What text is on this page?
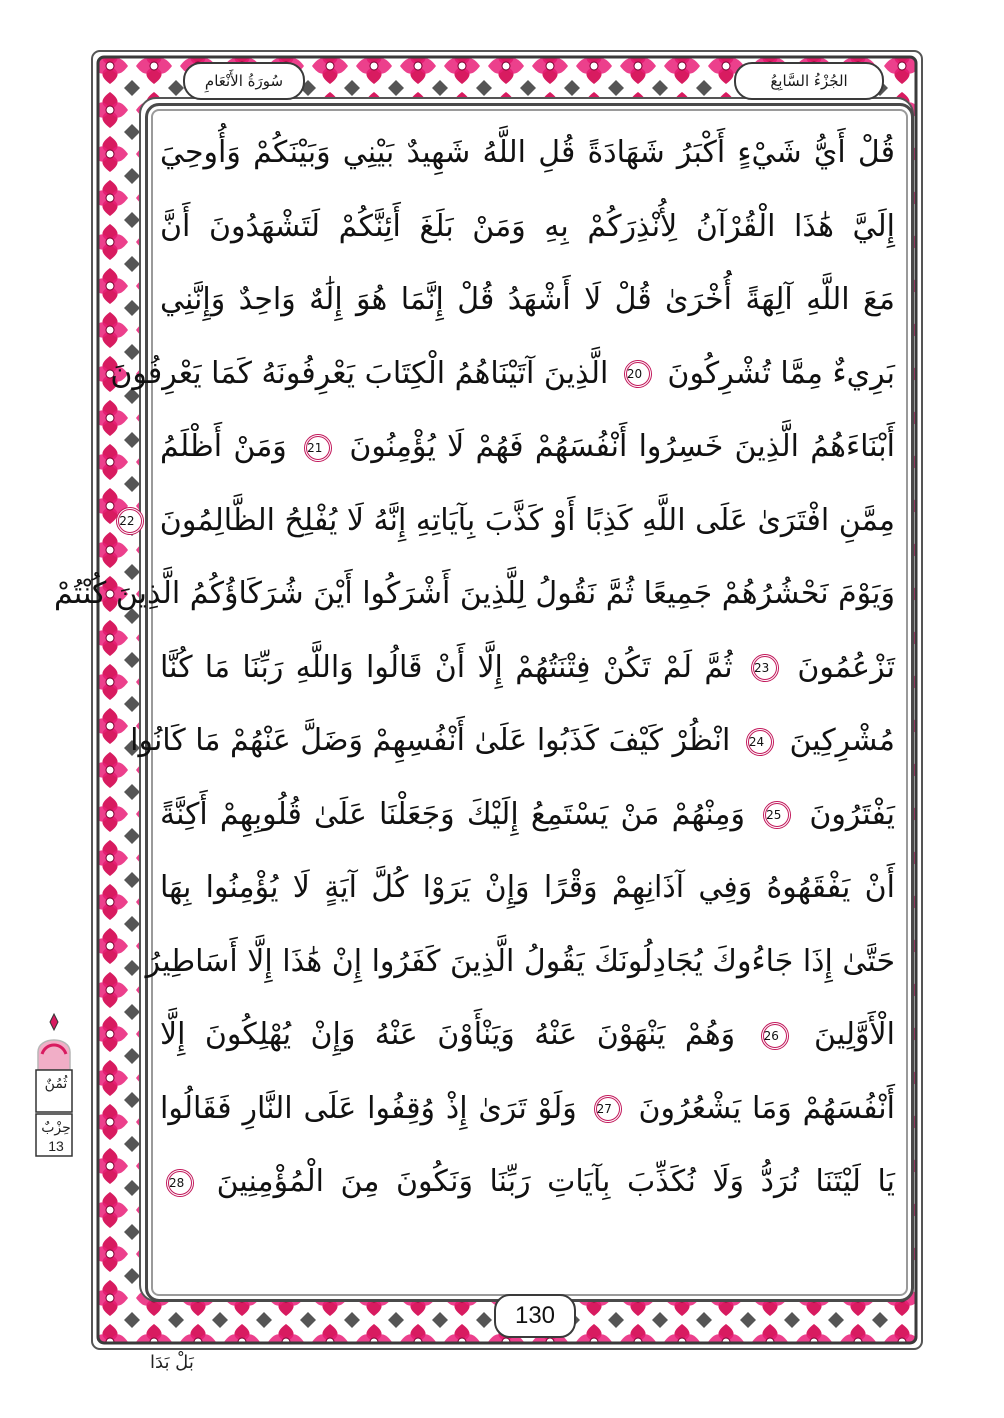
الجُزْءُ السَّابِعُ
سُورَةُ الأَنْعَامِ
قُلْ أَيُّ شَيْءٍ أَكْبَرُ شَهَادَةً قُلِ اللَّهُ شَهِيدٌ بَيْنِي وَبَيْنَكُمْ وَأُوحِيَ
إِلَيَّ هَٰذَا الْقُرْآنُ لِأُنْذِرَكُمْ بِهِ وَمَنْ بَلَغَ أَئِنَّكُمْ لَتَشْهَدُونَ أَنَّ
مَعَ اللَّهِ آلِهَةً أُخْرَىٰ قُلْ لَا أَشْهَدُ قُلْ إِنَّمَا هُوَ إِلَٰهٌ وَاحِدٌ وَإِنَّنِي
بَرِيءٌ مِمَّا تُشْرِكُونَ 20 الَّذِينَ آتَيْنَاهُمُ الْكِتَابَ يَعْرِفُونَهُ كَمَا يَعْرِفُونَ
أَبْنَاءَهُمُ الَّذِينَ خَسِرُوا أَنْفُسَهُمْ فَهُمْ لَا يُؤْمِنُونَ 21 وَمَنْ أَظْلَمُ
مِمَّنِ افْتَرَىٰ عَلَى اللَّهِ كَذِبًا أَوْ كَذَّبَ بِآيَاتِهِ إِنَّهُ لَا يُفْلِحُ الظَّالِمُونَ 22
وَيَوْمَ نَحْشُرُهُمْ جَمِيعًا ثُمَّ نَقُولُ لِلَّذِينَ أَشْرَكُوا أَيْنَ شُرَكَاؤُكُمُ الَّذِينَ كُنْتُمْ
تَزْعُمُونَ 23 ثُمَّ لَمْ تَكُنْ فِتْنَتُهُمْ إِلَّا أَنْ قَالُوا وَاللَّهِ رَبِّنَا مَا كُنَّا
مُشْرِكِينَ 24 انْظُرْ كَيْفَ كَذَبُوا عَلَىٰ أَنْفُسِهِمْ وَضَلَّ عَنْهُمْ مَا كَانُوا
يَفْتَرُونَ 25 وَمِنْهُمْ مَنْ يَسْتَمِعُ إِلَيْكَ وَجَعَلْنَا عَلَىٰ قُلُوبِهِمْ أَكِنَّةً
أَنْ يَفْقَهُوهُ وَفِي آذَانِهِمْ وَقْرًا وَإِنْ يَرَوْا كُلَّ آيَةٍ لَا يُؤْمِنُوا بِهَا
حَتَّىٰ إِذَا جَاءُوكَ يُجَادِلُونَكَ يَقُولُ الَّذِينَ كَفَرُوا إِنْ هَٰذَا إِلَّا أَسَاطِيرُ
الْأَوَّلِينَ 26 وَهُمْ يَنْهَوْنَ عَنْهُ وَيَنْأَوْنَ عَنْهُ وَإِنْ يُهْلِكُونَ إِلَّا
أَنْفُسَهُمْ وَمَا يَشْعُرُونَ 27 وَلَوْ تَرَىٰ إِذْ وُقِفُوا عَلَى النَّارِ فَقَالُوا
يَا لَيْتَنَا نُرَدُّ وَلَا نُكَذِّبَ بِآيَاتِ رَبِّنَا وَنَكُونَ مِنَ الْمُؤْمِنِينَ 28
130
بَلْ بَدَا
ثُمُنٌ
حِزْبٌ
13
